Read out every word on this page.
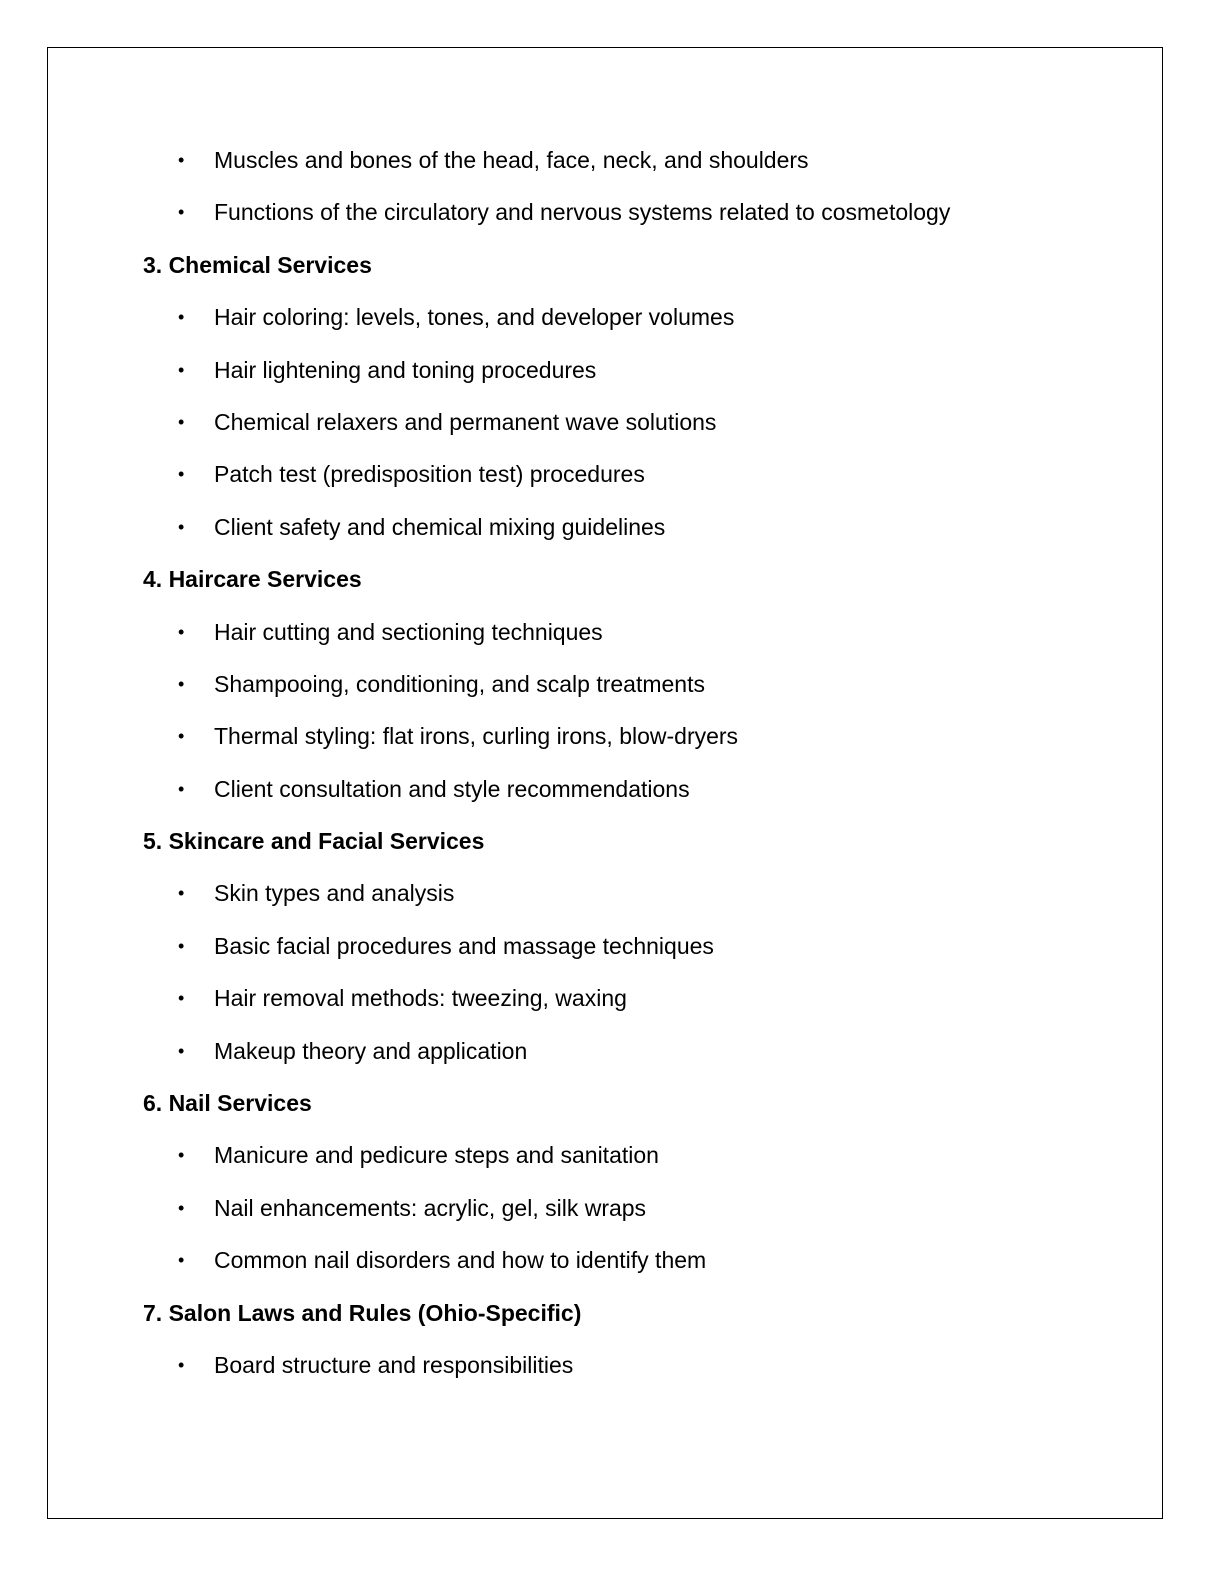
• Muscles and bones of the head, face, neck, and shoulders
• Functions of the circulatory and nervous systems related to cosmetology
3. Chemical Services
• Hair coloring: levels, tones, and developer volumes
• Hair lightening and toning procedures
• Chemical relaxers and permanent wave solutions
• Patch test (predisposition test) procedures
• Client safety and chemical mixing guidelines
4. Haircare Services
• Hair cutting and sectioning techniques
• Shampooing, conditioning, and scalp treatments
• Thermal styling: flat irons, curling irons, blow-dryers
• Client consultation and style recommendations
5. Skincare and Facial Services
• Skin types and analysis
• Basic facial procedures and massage techniques
• Hair removal methods: tweezing, waxing
• Makeup theory and application
6. Nail Services
• Manicure and pedicure steps and sanitation
• Nail enhancements: acrylic, gel, silk wraps
• Common nail disorders and how to identify them
7. Salon Laws and Rules (Ohio-Specific)
• Board structure and responsibilities
